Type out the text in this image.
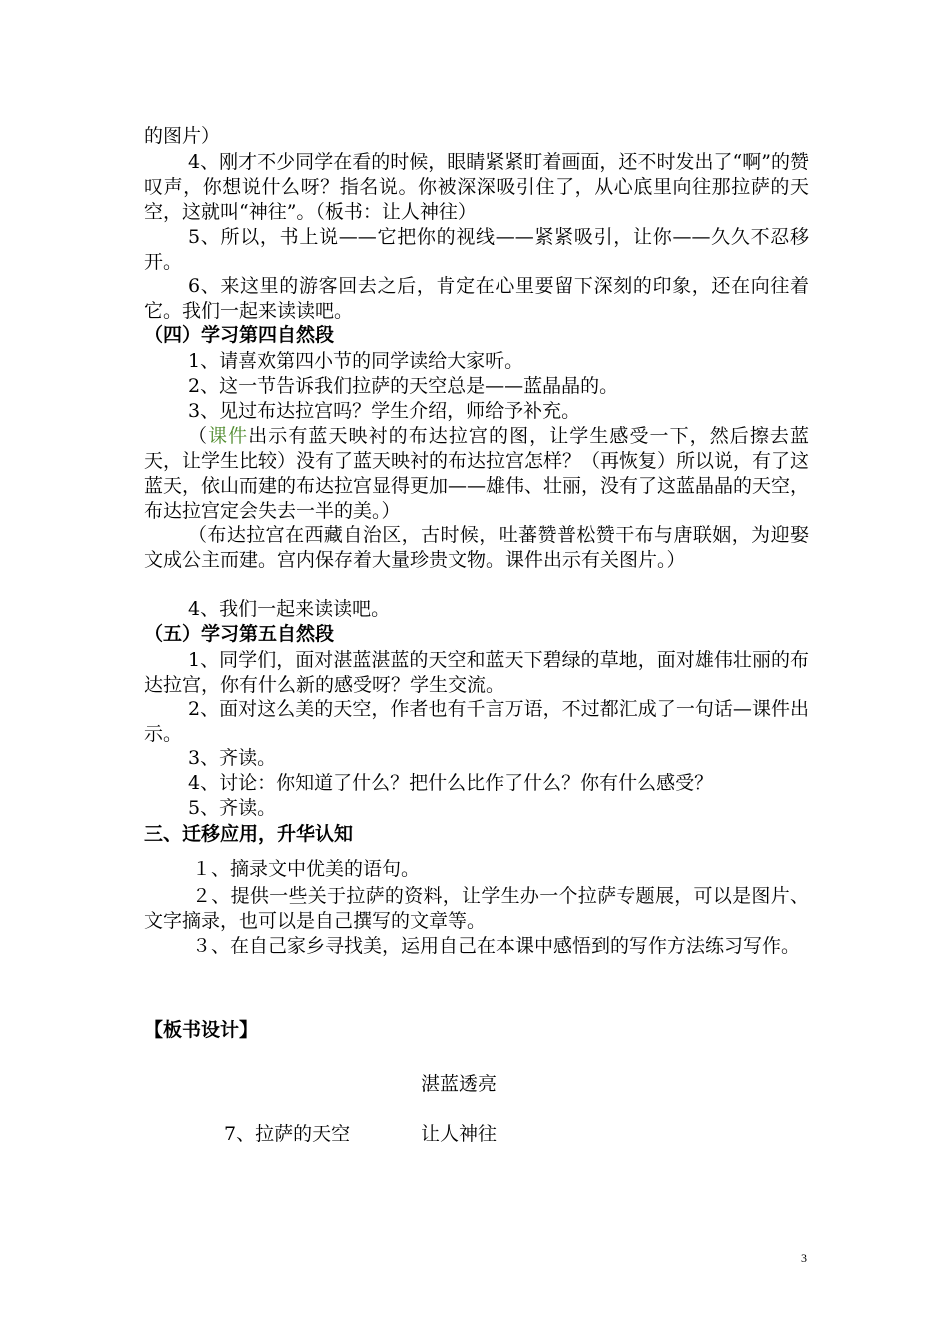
的图片）

4、刚才不少同学在看的时候，眼睛紧紧盯着画面，还不时发出了“啊”的赞叹声，你想说什么呀？指名说。你被深深吸引住了，从心底里向往那拉萨的天空，这就叫“神往”。（板书：让人神往）

5、所以，书上说——它把你的视线——紧紧吸引，让你——久久不忍移开。

6、来这里的游客回去之后，肯定在心里要留下深刻的印象，还在向往着它。我们一起来读读吧。

（四）学习第四自然段

1、请喜欢第四小节的同学读给大家听。

2、这一节告诉我们拉萨的天空总是——蓝晶晶的。

3、见过布达拉宫吗？学生介绍，师给予补充。

（课件出示有蓝天映衬的布达拉宫的图，让学生感受一下，然后擦去蓝天，让学生比较）没有了蓝天映衬的布达拉宫怎样？（再恢复）所以说，有了这蓝天，依山而建的布达拉宫显得更加——雄伟、壮丽，没有了这蓝晶晶的天空，布达拉宫定会失去一半的美。）

（布达拉宫在西藏自治区，古时候，吐蕃赞普松赞干布与唐联姻，为迎娶文成公主而建。宫内保存着大量珍贵文物。课件出示有关图片。）

4、我们一起来读读吧。

（五）学习第五自然段

1、同学们，面对湛蓝湛蓝的天空和蓝天下碧绿的草地，面对雄伟壮丽的布达拉宫，你有什么新的感受呀？学生交流。

2、面对这么美的天空，作者也有千言万语，不过都汇成了一句话—课件出示。

3、齐读。

4、讨论：你知道了什么？把什么比作了什么？你有什么感受？

5、齐读。

三、迁移应用，升华认知

１、摘录文中优美的语句。

２、提供一些关于拉萨的资料，让学生办一个拉萨专题展，可以是图片、文字摘录，也可以是自己撰写的文章等。

３、在自己家乡寻找美，运用自己在本课中感悟到的写作方法练习写作。

【板书设计】

湛蓝透亮
7、拉萨的天空	让人神往
3
